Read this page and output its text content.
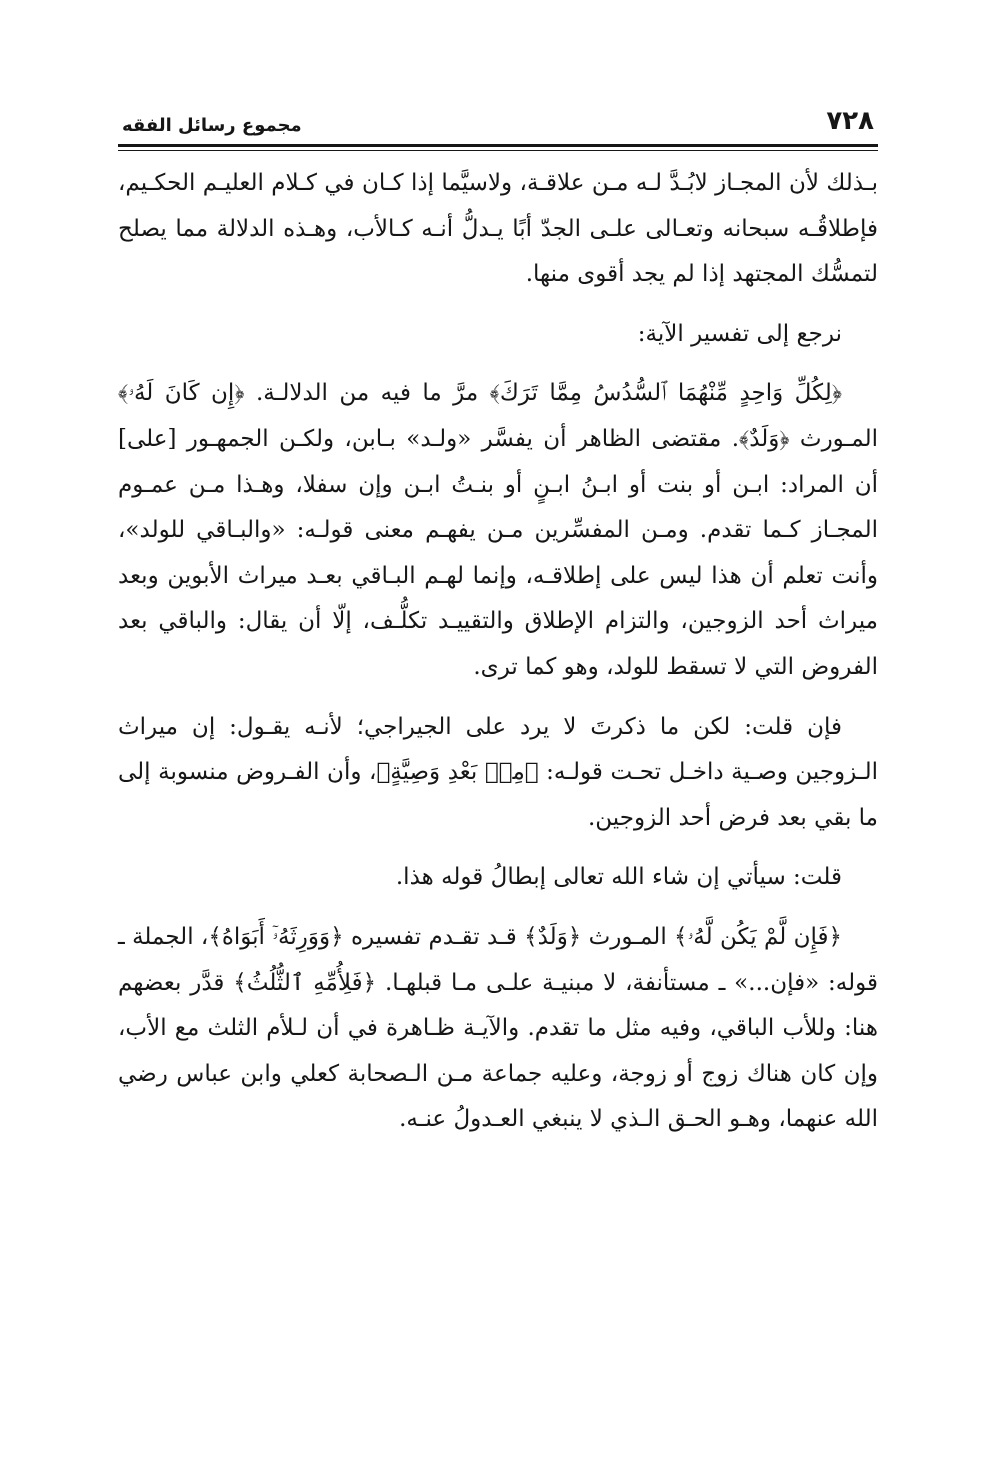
٧٢٨
مجموع رسائل الفقه

بـذلك لأن المجـاز لابُـدَّ لـه مـن علاقـة، ولاسيَّما إذا كـان في كـلام العليـم الحكـيم، فإطلاقُـه سبحانه وتعـالى علـى الجدّ أبًا يـدلُّ أنـه كـالأب، وهـذه الدلالة مما يصلح لتمسُّك المجتهد إذا لم يجد أقوى منها.

نرجع إلى تفسير الآية:

﴿لِكُلِّ وَاحِدٍ مِّنْهُمَا ٱلسُّدُسُ مِمَّا تَرَكَ﴾ مرَّ ما فيه من الدلالـة. ﴿إِن كَانَ لَهُۥ﴾ المـورث ﴿وَلَدٌ﴾. مقتضى الظاهر أن يفسَّر «ولـد» بـابن، ولكـن الجمهـور [على] أن المراد: ابـن أو بنت أو ابـنُ ابـنٍ أو بنـتُ ابـن وإن سفلا، وهـذا مـن عمـوم المجـاز كـما تقدم. ومـن المفسِّرين مـن يفهـم معنى قولـه: «والبـاقي للولد»، وأنت تعلم أن هذا ليس على إطلاقـه، وإنما لهـم البـاقي بعـد ميراث الأبوين وبعد ميراث أحد الزوجين، والتزام الإطلاق والتقييـد تكلُّـف، إلّا أن يقال: والباقي بعد الفروض التي لا تسقط للولد، وهو كما ترى.

فإن قلت: لكن ما ذكرتَ لا يرد على الجيراجي؛ لأنـه يقـول: إن ميراث الـزوجين وصـية داخـل تحـت قولـه: ﴿مِنۢ بَعْدِ وَصِيَّةٍ﴾، وأن الفـروض منسوبة إلى ما بقي بعد فرض أحد الزوجين.

قلت: سيأتي إن شاء الله تعالى إبطالُ قوله هذا.

﴿فَإِن لَّمْ يَكُن لَّهُۥ﴾ المـورث ﴿وَلَدٌ﴾ قـد تقـدم تفسيره ﴿وَوَرِثَهُۥٓ أَبَوَاهُ﴾، الجملة ـ قوله: «فإن...» ـ مستأنفة، لا مبنيـة علـى مـا قبلهـا. ﴿فَلِأُمِّهِ ٱلثُّلُثُ﴾ قدَّر بعضهم هنا: وللأب الباقي، وفيه مثل ما تقدم. والآيـة ظـاهرة في أن لـلأم الثلث مع الأب، وإن كان هناك زوج أو زوجة، وعليه جماعة مـن الـصحابة كعلي وابن عباس رضي الله عنهما، وهـو الحـق الـذي لا ينبغي العـدولُ عنـه.
